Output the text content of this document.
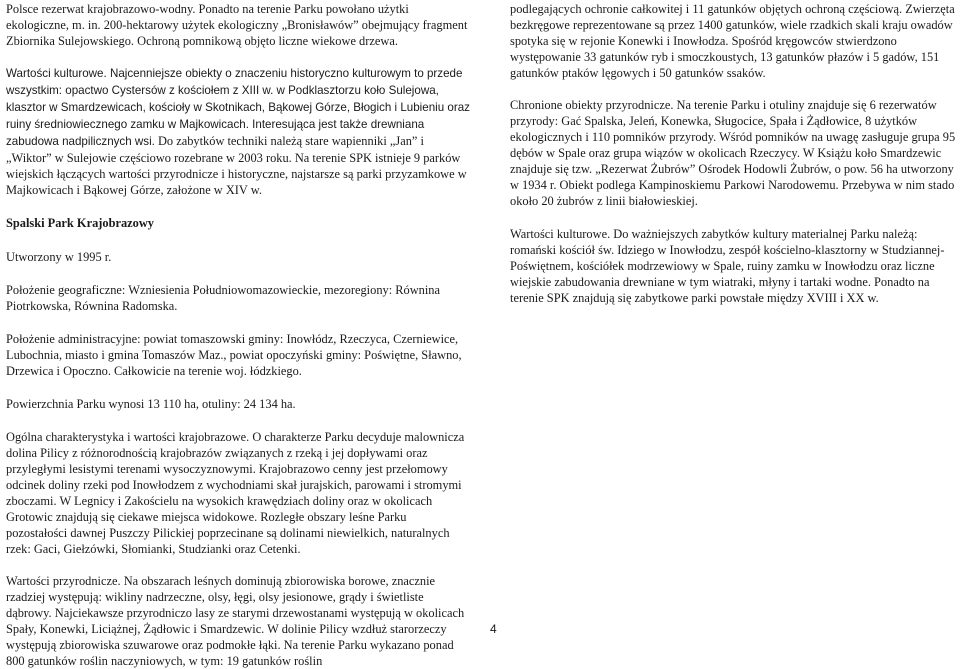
Polsce rezerwat krajobrazowo-wodny. Ponadto na terenie Parku powołano użytki ekologiczne, m. in. 200-hektarowy użytek ekologiczny „Bronisławów” obejmujący fragment Zbiornika Sulejowskiego. Ochroną pomnikową objęto liczne wiekowe drzewa.

Wartości kulturowe. Najcenniejsze obiekty o znaczeniu historyczno kulturowym to przede wszystkim: opactwo Cystersów z kościołem z XIII w. w Podklasztorzu koło Sulejowa, klasztor w Smardzewicach, kościoły w Skotnikach, Bąkowej Górze, Błogich i Lubieniu oraz ruiny średniowiecznego zamku w Majkowicach. Interesująca jest także drewniana zabudowa nadpilicznych wsi. Do zabytków techniki należą stare wapienniki „Jan” i „Wiktor” w Sulejowie częściowo rozebrane w 2003 roku. Na terenie SPK istnieje 9 parków wiejskich łączących wartości przyrodnicze i historyczne, najstarsze są parki przyzamkowe w Majkowicach i Bąkowej Górze, założone w XIV w.

Spalski Park Krajobrazowy

Utworzony w 1995 r.

Położenie geograficzne: Wzniesienia Południowomazowieckie, mezoregiony: Równina Piotrkowska, Równina Radomska.

Położenie administracyjne: powiat tomaszowski gminy: Inowłódz, Rzeczyca, Czerniewice, Lubochnia, miasto i gmina Tomaszów Maz., powiat opoczyński gminy: Poświętne, Sławno, Drzewica i Opoczno. Całkowicie na terenie woj. łódzkiego.

Powierzchnia Parku wynosi 13 110 ha, otuliny: 24 134 ha.

Ogólna charakterystyka i wartości krajobrazowe. O charakterze Parku decyduje malownicza dolina Pilicy z różnorodnością krajobrazów związanych z rzeką i jej dopływami oraz przyległymi lesistymi terenami wysoczyznowymi. Krajobrazowo cenny jest przełomowy odcinek doliny rzeki pod Inowłodzem z wychodniami skał jurajskich, parowami i stromymi zboczami. W Legnicy i Zakościelu na wysokich krawędziach doliny oraz w okolicach Grotowic znajdują się ciekawe miejsca widokowe. Rozległe obszary leśne Parku pozostałości dawnej Puszczy Pilickiej poprzecinane są dolinami niewielkich, naturalnych rzek: Gaci, Giełzówki, Słomianki, Studzianki oraz Cetenki.

Wartości przyrodnicze. Na obszarach leśnych dominują zbiorowiska borowe, znacznie rzadziej występują: wikliny nadrzeczne, olsy, łęgi, olsy jesionowe, grądy i świetliste dąbrowy. Najciekawsze przyrodniczo lasy ze starymi drzewostanami występują w okolicach Spały, Konewki, Liciążnej, Żądłowic i Smardzewic. W dolinie Pilicy wzdłuż starorzeczy występują zbiorowiska szuwarowe oraz podmokłe łąki. Na terenie Parku wykazano ponad 800 gatunków roślin naczyniowych, w tym: 19 gatunków roślin

podlegających ochronie całkowitej i 11 gatunków objętych ochroną częściową. Zwierzęta bezkręgowe reprezentowane są przez 1400 gatunków, wiele rzadkich skali kraju owadów spotyka się w rejonie Konewki i Inowłodza. Spośród kręgowców stwierdzono występowanie 33 gatunków ryb i smoczkoustych, 13 gatunków płazów i 5 gadów, 151 gatunków ptaków lęgowych i 50 gatunków ssaków.

Chronione obiekty przyrodnicze. Na terenie Parku i otuliny znajduje się 6 rezerwatów przyrody: Gać Spalska, Jeleń, Konewka, Sługocice, Spała i Żądłowice, 8 użytków ekologicznych i 110 pomników przyrody. Wśród pomników na uwagę zasługuje grupa 95 dębów w Spale oraz grupa wiązów w okolicach Rzeczycy. W Książu koło Smardzewic znajduje się tzw. „Rezerwat Żubrów” Ośrodek Hodowli Żubrów, o pow. 56 ha utworzony w 1934 r. Obiekt podlega Kampinoskiemu Parkowi Narodowemu. Przebywa w nim stado około 20 żubrów z linii białowieskiej.

Wartości kulturowe. Do ważniejszych zabytków kultury materialnej Parku należą: romański kościół św. Idziego w Inowłodzu, zespół kościelno-klasztorny w Studziannej-Poświętnem, kościółek modrzewiowy w Spale, ruiny zamku w Inowłodzu oraz liczne wiejskie zabudowania drewniane w tym wiatraki, młyny i tartaki wodne. Ponadto na terenie SPK znajdują się zabytkowe parki powstałe między XVIII i XX w.

4
